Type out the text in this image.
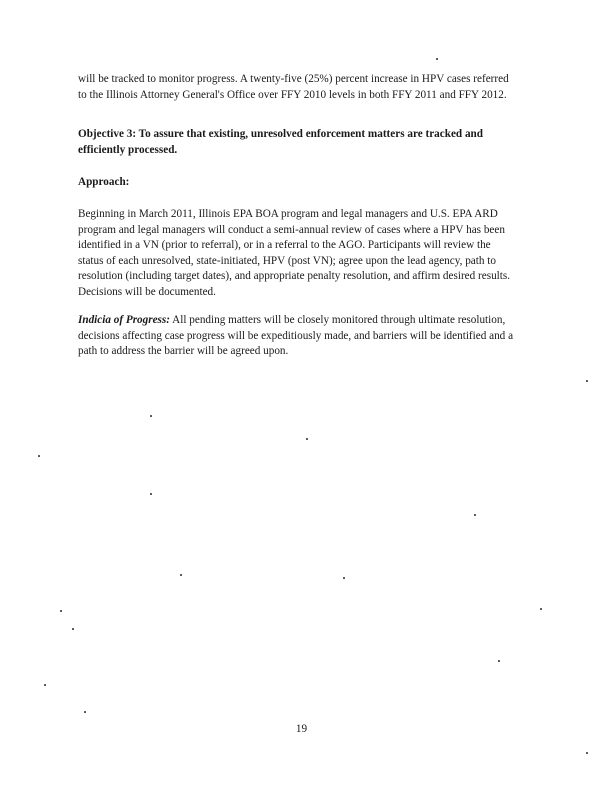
will be tracked to monitor progress. A twenty-five (25%) percent increase in HPV cases referred
to the Illinois Attorney General's Office over FFY 2010 levels in both FFY 2011 and FFY 2012.
Objective 3: To assure that existing, unresolved enforcement matters are tracked and
efficiently processed.
Approach:
Beginning in March 2011, Illinois EPA BOA program and legal managers and U.S. EPA ARD
program and legal managers will conduct a semi-annual review of cases where a HPV has been
identified in a VN (prior to referral), or in a referral to the AGO. Participants will review the
status of each unresolved, state-initiated, HPV (post VN); agree upon the lead agency, path to
resolution (including target dates), and appropriate penalty resolution, and affirm desired results.
Decisions will be documented.
Indicia of Progress: All pending matters will be closely monitored through ultimate resolution,
decisions affecting case progress will be expeditiously made, and barriers will be identified and a
path to address the barrier will be agreed upon.
19
